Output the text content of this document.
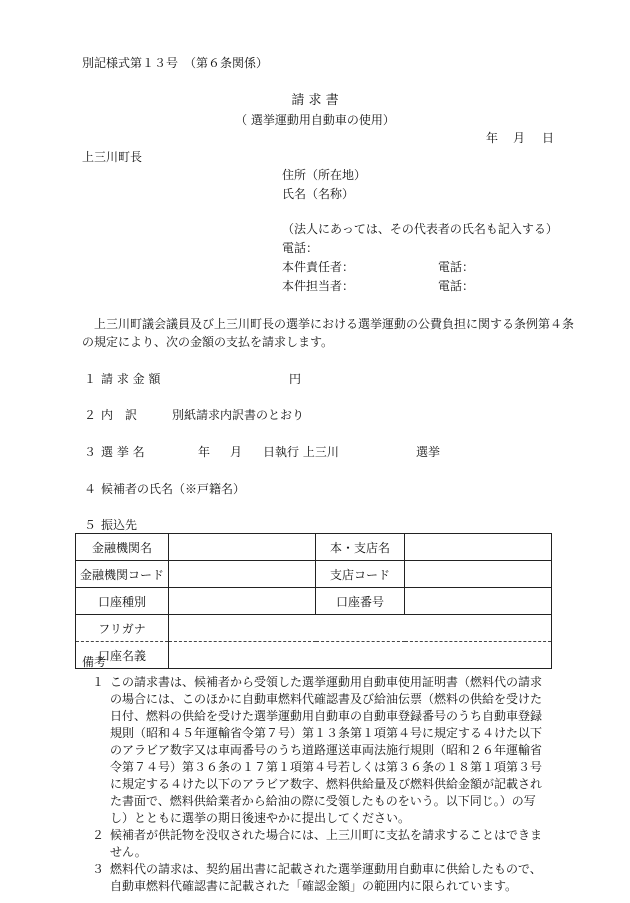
別記様式第１３号　（第６条関係）
請 求 書
（ 選挙運動用自動車の使用）
年 月 日
上三川町長
住所（所在地）
氏名（名称）
（法人にあっては、その代表者の氏名も記入する）
電話：
本件責任者：	電話：
本件担当者：	電話：
上三川町議会議員及び上三川町長の選挙における選挙運動の公費負担に関する条例第４条
の規定により、次の金額の支払を請求します。
１ 請 求 金 額	円
２ 内　訳	別紙請求内訳書のとおり
３ 選 挙 名	年 月 日執行 上三川	選挙
４ 候補者の氏名（※戸籍名）
５ 振込先
金融機関名		本・支店名	
金融機関コード		支店コード	
口座種別		口座番号	
フリガナ			
口座名義			
備考
１ この請求書は、候補者から受領した選挙運動用自動車使用証明書（燃料代の請求の場合には、このほかに自動車燃料代確認書及び給油伝票（燃料の供給を受けた日付、燃料の供給を受けた選挙運動用自動車の自動車登録番号のうち自動車登録規則（昭和４５年運輸省令第７号）第１３条第１項第４号に規定する４けた以下のアラビア数字又は車両番号のうち道路運送車両法施行規則（昭和２６年運輸省令第７４号）第３６条の１７第１項第４号若しくは第３６条の１８第１項第３号に規定する４けた以下のアラビア数字、燃料供給量及び燃料供給金額が記載された書面で、燃料供給業者から給油の際に受領したものをいう。以下同じ。）の写し）とともに選挙の期日後速やかに提出してください。
２ 候補者が供託物を没収された場合には、上三川町に支払を請求することはできません。
３ 燃料代の請求は、契約届出書に記載された選挙運動用自動車に供給したもので、自動車燃料代確認書に記載された「確認金額」の範囲内に限られています。
